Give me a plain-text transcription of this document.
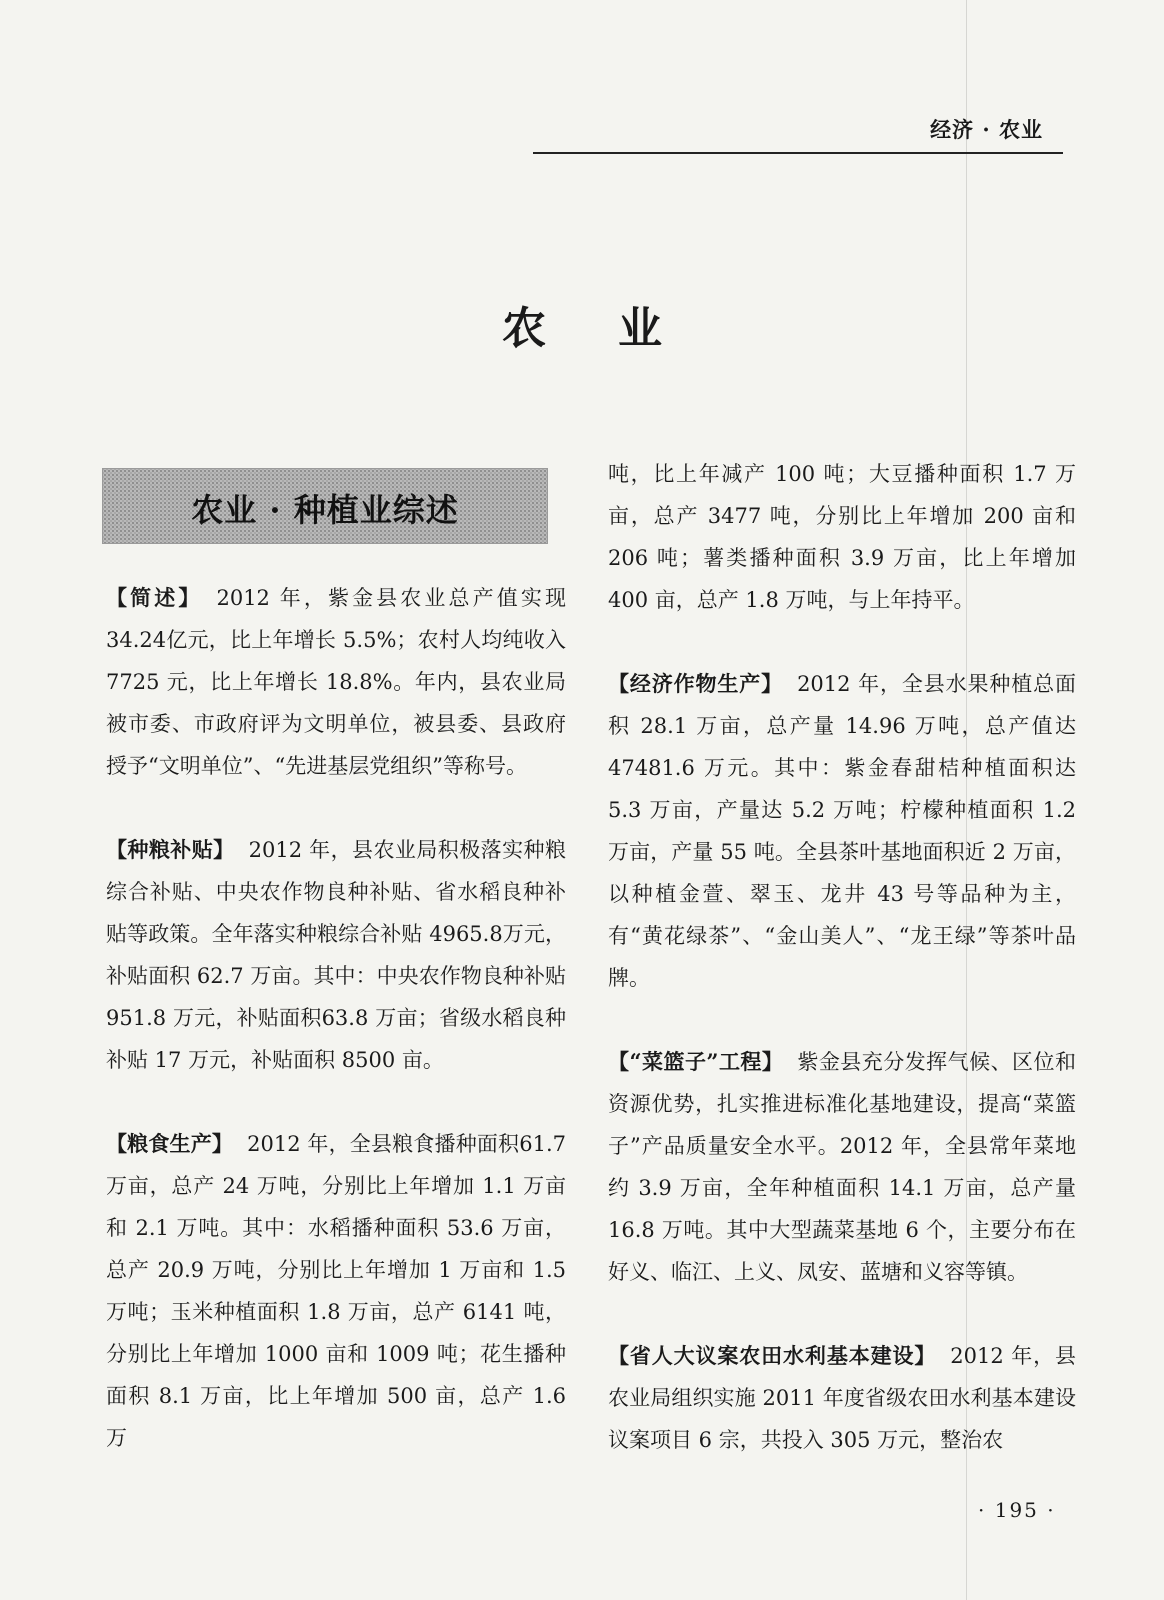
经济 · 农业
农业
农业 · 种植业综述

【简述】 2012 年，紫金县农业总产值实现 34.24亿元，比上年增长 5.5%；农村人均纯收入 7725 元，比上年增长 18.8%。年内，县农业局被市委、市政府评为文明单位，被县委、县政府授予“文明单位”、“先进基层党组织”等称号。

【种粮补贴】 2012 年，县农业局积极落实种粮综合补贴、中央农作物良种补贴、省水稻良种补贴等政策。全年落实种粮综合补贴 4965.8万元，补贴面积 62.7 万亩。其中：中央农作物良种补贴951.8 万元，补贴面积63.8 万亩；省级水稻良种补贴 17 万元，补贴面积 8500 亩。

【粮食生产】 2012 年，全县粮食播种面积61.7 万亩，总产 24 万吨，分别比上年增加 1.1 万亩和 2.1 万吨。其中：水稻播种面积 53.6 万亩，总产 20.9 万吨，分别比上年增加 1 万亩和 1.5 万吨；玉米种植面积 1.8 万亩，总产 6141 吨，分别比上年增加 1000 亩和 1009 吨；花生播种面积 8.1 万亩，比上年增加 500 亩，总产 1.6 万

吨，比上年减产 100 吨；大豆播种面积 1.7 万亩，总产 3477 吨，分别比上年增加 200 亩和 206 吨；薯类播种面积 3.9 万亩，比上年增加 400 亩，总产 1.8 万吨，与上年持平。

【经济作物生产】 2012 年，全县水果种植总面积 28.1 万亩，总产量 14.96 万吨，总产值达 47481.6 万元。其中：紫金春甜桔种植面积达 5.3 万亩，产量达 5.2 万吨；柠檬种植面积 1.2 万亩，产量 55 吨。全县茶叶基地面积近 2 万亩，以种植金萱、翠玉、龙井 43 号等品种为主，有“黄花绿茶”、“金山美人”、“龙王绿”等茶叶品牌。

【“菜篮子”工程】 紫金县充分发挥气候、区位和资源优势，扎实推进标准化基地建设，提高“菜篮子”产品质量安全水平。2012 年，全县常年菜地约 3.9 万亩，全年种植面积 14.1 万亩，总产量 16.8 万吨。其中大型蔬菜基地 6 个，主要分布在好义、临江、上义、凤安、蓝塘和义容等镇。

【省人大议案农田水利基本建设】 2012 年，县农业局组织实施 2011 年度省级农田水利基本建设议案项目 6 宗，共投入 305 万元，整治农

· 195 ·
